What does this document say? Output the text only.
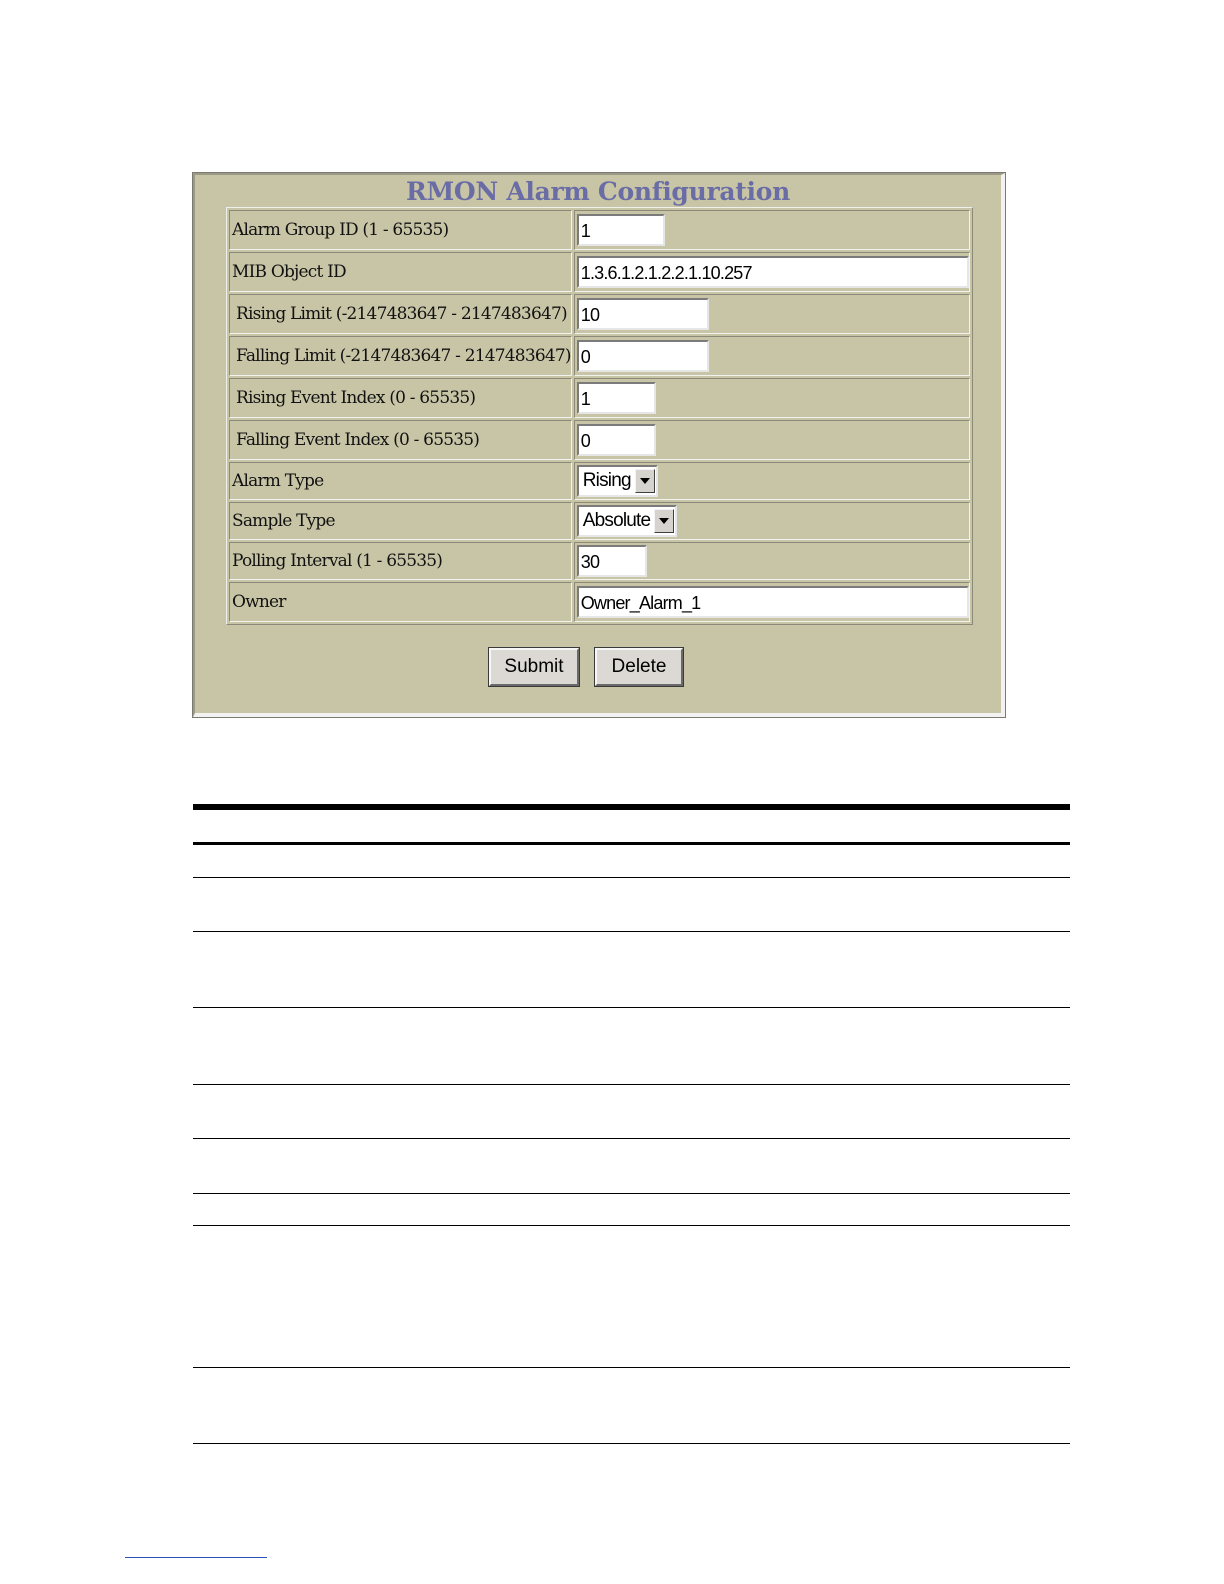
RMON Alarm Configuration
Alarm Group ID (1 - 65535)	1

MIB Object ID	1.3.6.1.2.1.2.2.1.10.257

Rising Limit (-2147483647 - 2147483647)	10

Falling Limit (-2147483647 - 2147483647)	0

Rising Event Index (0 - 65535)	1

Falling Event Index (0 - 65535)	0

Alarm Type	Rising

Sample Type	Absolute

Polling Interval (1 - 65535)	30

Owner	Owner_Alarm_1
Submit	Delete
